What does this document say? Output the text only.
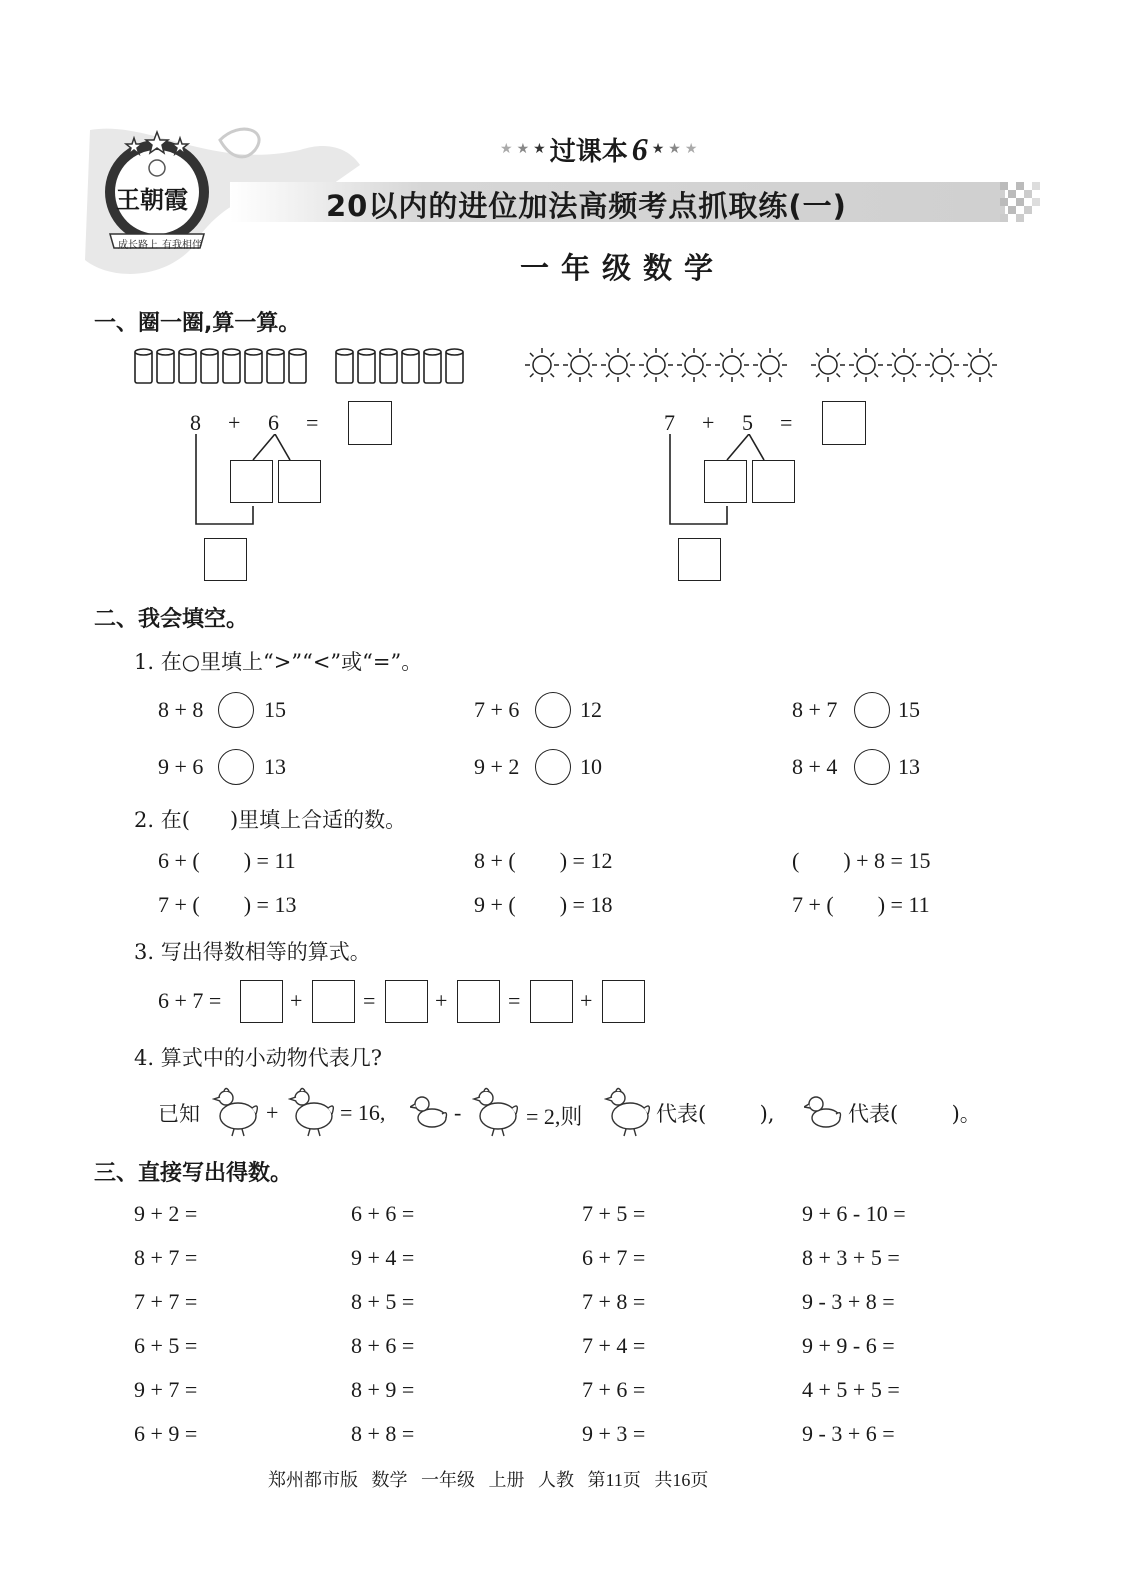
王朝霞
成长路上 有我相伴
★ ★ ★ 过课本 6 ★ ★ ★
20以内的进位加法高频考点抓取练(一)
一年级数学
一、圈一圈,算一算。
8 + 6 =	7 + 5 =
二、我会填空。
1. 在○里填上“>”“<”或“=”。
8 + 8	15	7 + 6	12	8 + 7	15
9 + 6	13	9 + 2	10	8 + 4	13
2. 在(      )里填上合适的数。
6 + (        ) = 11	8 + (        ) = 12	(        ) + 8 = 15
7 + (        ) = 13	9 + (        ) = 18	7 + (        ) = 11
3. 写出得数相等的算式。
6 + 7 =	+	=	+	=	+
4. 算式中的小动物代表几?
已知	+	= 16,	-	= 2,则	代表(        ),	代表(        )。
三、直接写出得数。
9 + 2 =	6 + 6 =	7 + 5 =	9 + 6 - 10 =
8 + 7 =	9 + 4 =	6 + 7 =	8 + 3 + 5 =
7 + 7 =	8 + 5 =	7 + 8 =	9 - 3 + 8 =
6 + 5 =	8 + 6 =	7 + 4 =	9 + 9 - 6 =
9 + 7 =	8 + 9 =	7 + 6 =	4 + 5 + 5 =
6 + 9 =	8 + 8 =	9 + 3 =	9 - 3 + 6 =
郑州都市版   数学   一年级   上册   人教   第11页   共16页
